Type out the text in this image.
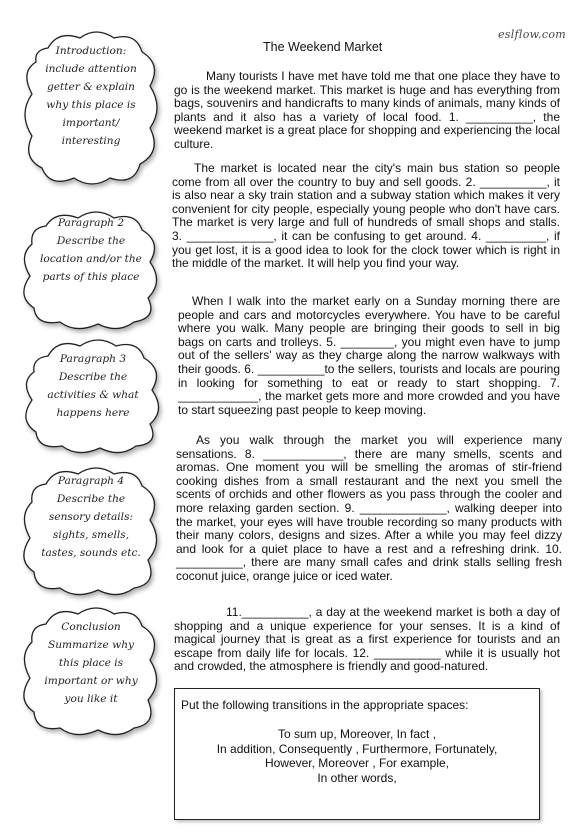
eslflow.com
The Weekend Market

Many tourists I have met have told me that one place they have to go is the weekend market. This market is huge and has everything from bags, souvenirs and handicrafts to many kinds of animals, many kinds of plants and it also has a variety of local food. 1. __________, the weekend market is a great place for shopping and experiencing the local culture.

The market is located near the city's main bus station so people come from all over the country to buy and sell goods. 2. __________, it is also near a sky train station and a subway station which makes it very convenient for city people, especially young people who don't have cars. The market is very large and full of hundreds of small shops and stalls. 3. _____________, it can be confusing to get around. 4. _________, if you get lost, it is a good idea to look for the clock tower which is right in the middle of the market. It will help you find your way.

When I walk into the market early on a Sunday morning there are people and cars and motorcycles everywhere. You have to be careful where you walk. Many people are bringing their goods to sell in big bags on carts and trolleys. 5. ________, you might even have to jump out of the sellers' way as they charge along the narrow walkways with their goods. 6. __________to the sellers, tourists and locals are pouring in looking for something to eat or ready to start shopping. 7. ____________, the market gets more and more crowded and you have to start squeezing past people to keep moving.

As you walk through the market you will experience many sensations. 8. ____________, there are many smells, scents and aromas. One moment you will be smelling the aromas of stir-friend cooking dishes from a small restaurant and the next you smell the scents of orchids and other flowers as you pass through the cooler and more relaxing garden section. 9. _____________, walking deeper into the market, your eyes will have trouble recording so many products with their many colors, designs and sizes. After a while you may feel dizzy and look for a quiet place to have a rest and a refreshing drink. 10. __________, there are many small cafes and drink stalls selling fresh coconut juice, orange juice or iced water.

11.__________, a day at the weekend market is both a day of shopping and a unique experience for your senses. It is a kind of magical journey that is great as a first experience for tourists and an escape from daily life for locals. 12. __________ while it is usually hot and crowded, the atmosphere is friendly and good-natured.

Introduction: include attention getter & explain why this place is important/ interesting
Paragraph 2 Describe the location and/or the parts of this place
Paragraph 3 Describe the activities & what happens here
Paragraph 4 Describe the sensory details: sights, smells, tastes, sounds etc.
Conclusion Summarize why this place is important or why you like it	Put the following transitions in the appropriate spaces:
To sum up, Moreover, In fact ,
In addition, Consequently , Furthermore, Fortunately,
However, Moreover , For example,
In other words,
